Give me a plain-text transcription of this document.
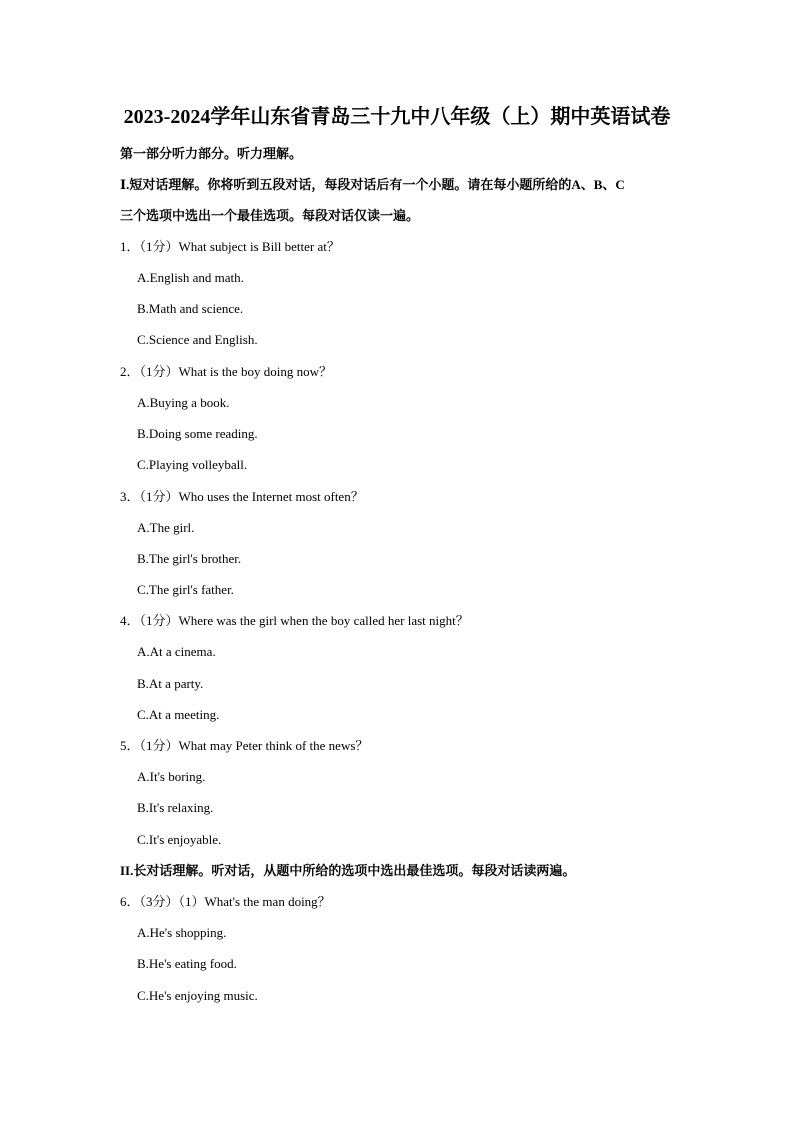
2023-2024学年山东省青岛三十九中八年级（上）期中英语试卷
第一部分听力部分。听力理解。
Ⅰ.短对话理解。你将听到五段对话，每段对话后有一个小题。请在每小题所给的A、B、C
三个选项中选出一个最佳选项。每段对话仅读一遍。
1．（1分）What subject is Bill better at？
A.English and math.
B.Math and science.
C.Science and English.
2．（1分）What is the boy doing now？
A.Buying a book.
B.Doing some reading.
C.Playing volleyball.
3．（1分）Who uses the Internet most often？
A.The girl.
B.The girl's brother.
C.The girl's father.
4．（1分）Where was the girl when the boy called her last night？
A.At a cinema.
B.At a party.
C.At a meeting.
5．（1分）What may Peter think of the news？
A.It's boring.
B.It's relaxing.
C.It's enjoyable.
II.长对话理解。听对话，从题中所给的选项中选出最佳选项。每段对话读两遍。
6．（3分）（1）What's the man doing？
A.He's shopping.
B.He's eating food.
C.He's enjoying music.
